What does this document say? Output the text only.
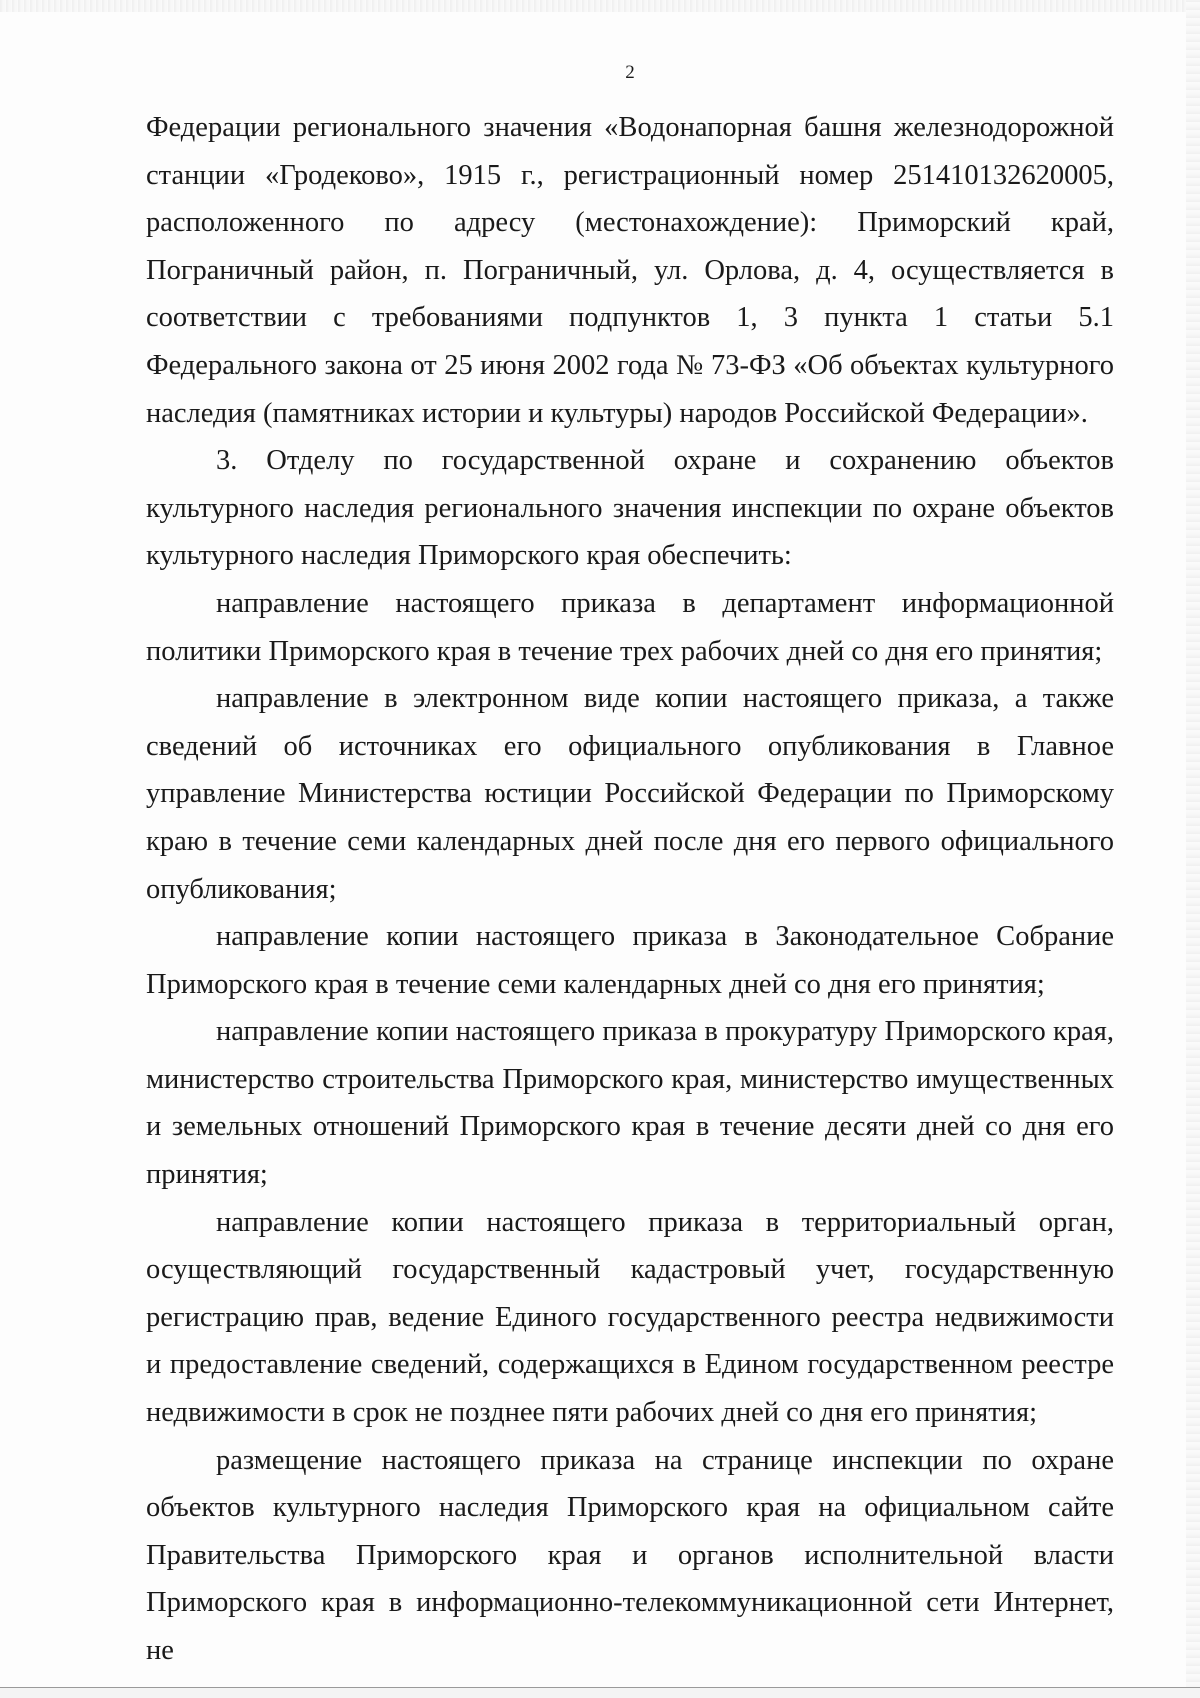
2

Федерации регионального значения «Водонапорная башня железнодорожной станции «Гродеково», 1915 г., регистрационный номер 251410132620005, расположенного по адресу (местонахождение): Приморский край, Пограничный район, п. Пограничный, ул. Орлова, д. 4, осуществляется в соответствии с требованиями подпунктов 1, 3 пункта 1 статьи 5.1 Федерального закона от 25 июня 2002 года № 73-ФЗ «Об объектах культурного наследия (памятниках истории и культуры) народов Российской Федерации».

3. Отделу по государственной охране и сохранению объектов культурного наследия регионального значения инспекции по охране объектов культурного наследия Приморского края обеспечить:

направление настоящего приказа в департамент информационной политики Приморского края в течение трех рабочих дней со дня его принятия;

направление в электронном виде копии настоящего приказа, а также сведений об источниках его официального опубликования в Главное управление Министерства юстиции Российской Федерации по Приморскому краю в течение семи календарных дней после дня его первого официального опубликования;

направление копии настоящего приказа в Законодательное Собрание Приморского края в течение семи календарных дней со дня его принятия;

направление копии настоящего приказа в прокуратуру Приморского края, министерство строительства Приморского края, министерство имущественных и земельных отношений Приморского края в течение десяти дней со дня его принятия;

направление копии настоящего приказа в территориальный орган, осуществляющий государственный кадастровый учет, государственную регистрацию прав, ведение Единого государственного реестра недвижимости и предоставление сведений, содержащихся в Едином государственном реестре недвижимости в срок не позднее пяти рабочих дней со дня его принятия;

размещение настоящего приказа на странице инспекции по охране объектов культурного наследия Приморского края на официальном сайте Правительства Приморского края и органов исполнительной власти Приморского края в информационно-телекоммуникационной сети Интернет, не
